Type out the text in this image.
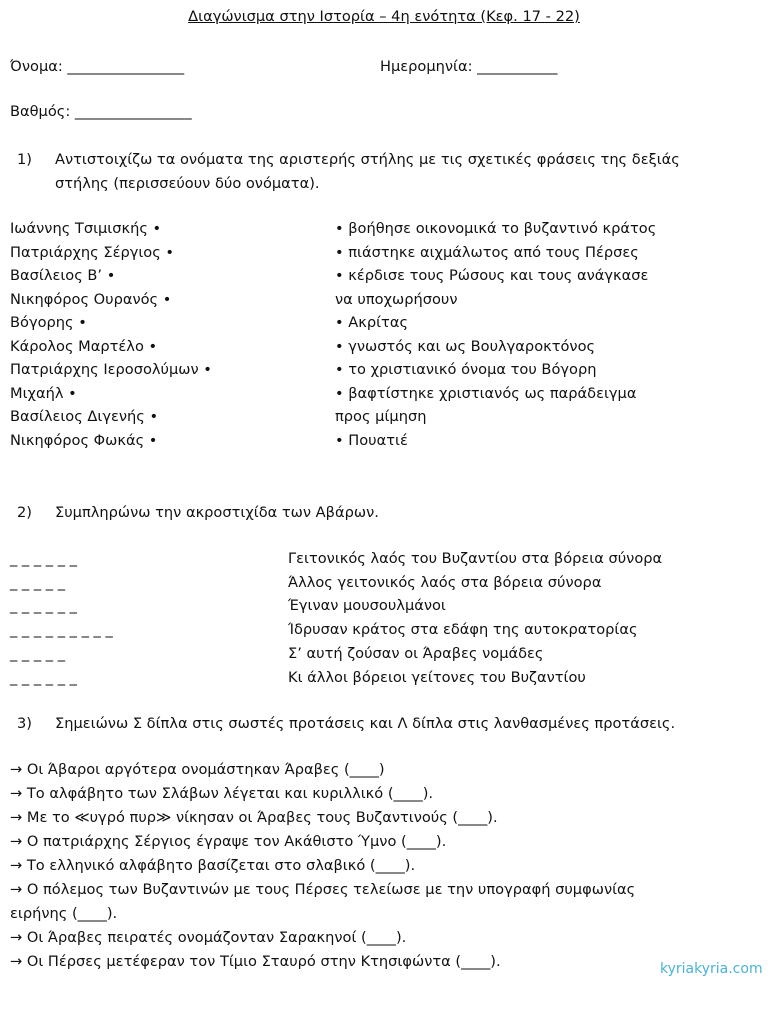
Διαγώνισμα στην Ιστορία – 4η ενότητα (Κεφ. 17 - 22)
Όνομα: ________________	Ημερομηνία: ___________
Βαθμός: ________________
1) Αντιστοιχίζω τα ονόματα της αριστερής στήλης με τις σχετικές φράσεις της δεξιάς
στήλης (περισσεύουν δύο ονόματα).
Ιωάννης Τσιμισκής •
Πατριάρχης Σέργιος •
Βασίλειος Β’ •
Νικηφόρος Ουρανός •
Βόγορης •
Κάρολος Μαρτέλο •
Πατριάρχης Ιεροσολύμων •
Μιχαήλ •
Βασίλειος Διγενής •
Νικηφόρος Φωκάς •
• βοήθησε οικονομικά το βυζαντινό κράτος
• πιάστηκε αιχμάλωτος από τους Πέρσες
• κέρδισε τους Ρώσους και τους ανάγκασε
να υποχωρήσουν
• Ακρίτας
• γνωστός και ως Βουλγαροκτόνος
• το χριστιανικό όνομα του Βόγορη
• βαφτίστηκε χριστιανός ως παράδειγμα
προς μίμηση
• Πουατιέ
2) Συμπληρώνω την ακροστιχίδα των Αβάρων.
_ _ _ _ _ _	Γειτονικός λαός του Βυζαντίου στα βόρεια σύνορα
_ _ _ _ _	Άλλος γειτονικός λαός στα βόρεια σύνορα
_ _ _ _ _ _	Έγιναν μουσουλμάνοι
_ _ _ _ _ _ _ _ _	Ίδρυσαν κράτος στα εδάφη της αυτοκρατορίας
_ _ _ _ _	Σ’ αυτή ζούσαν οι Άραβες νομάδες
_ _ _ _ _ _	Κι άλλοι βόρειοι γείτονες του Βυζαντίου
3) Σημειώνω Σ δίπλα στις σωστές προτάσεις και Λ δίπλα στις λανθασμένες προτάσεις.
→ Οι Άβαροι αργότερα ονομάστηκαν Άραβες (____)
→ Το αλφάβητο των Σλάβων λέγεται και κυριλλικό (____).
→ Με το ≪υγρό πυρ≫ νίκησαν οι Άραβες τους Βυζαντινούς (____).
→ Ο πατριάρχης Σέργιος έγραψε τον Ακάθιστο Ύμνο (____).
→ Το ελληνικό αλφάβητο βασίζεται στο σλαβικό (____).
→ Ο πόλεμος των Βυζαντινών με τους Πέρσες τελείωσε με την υπογραφή συμφωνίας
ειρήνης (____).
→ Οι Άραβες πειρατές ονομάζονταν Σαρακηνοί (____).
→ Οι Πέρσες μετέφεραν τον Τίμιο Σταυρό στην Κτησιφώντα (____).	kyriakyria.com
